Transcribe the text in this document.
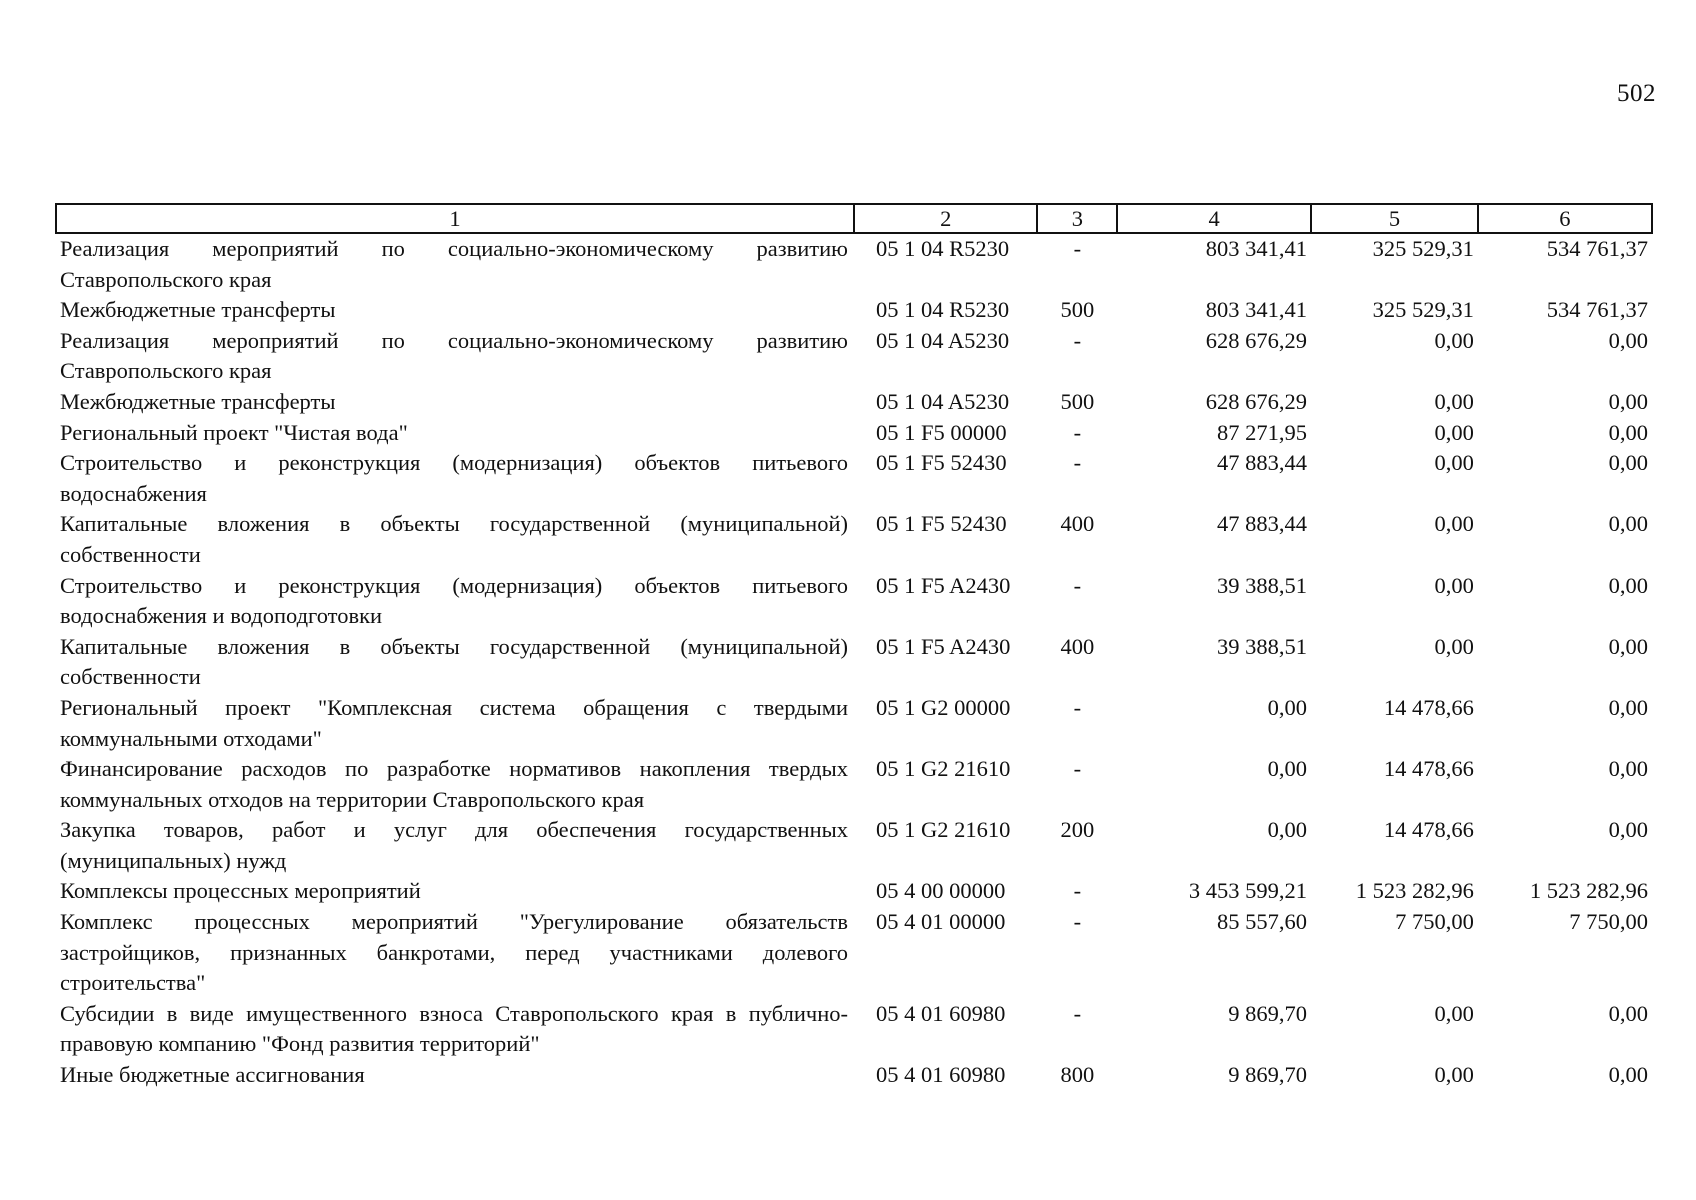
502
1	2	3	4	5	6
Реализация мероприятий по социально-экономическому развитию Ставропольского края	05 1 04 R5230	-	803 341,41	325 529,31	534 761,37
Межбюджетные трансферты	05 1 04 R5230	500	803 341,41	325 529,31	534 761,37
Реализация мероприятий по социально-экономическому развитию Ставропольского края	05 1 04 A5230	-	628 676,29	0,00	0,00
Межбюджетные трансферты	05 1 04 A5230	500	628 676,29	0,00	0,00
Региональный проект "Чистая вода"	05 1 F5 00000	-	87 271,95	0,00	0,00
Строительство и реконструкция (модернизация) объектов питьевого водоснабжения	05 1 F5 52430	-	47 883,44	0,00	0,00
Капитальные вложения в объекты государственной (муниципальной) собственности	05 1 F5 52430	400	47 883,44	0,00	0,00
Строительство и реконструкция (модернизация) объектов питьевого водоснабжения и водоподготовки	05 1 F5 A2430	-	39 388,51	0,00	0,00
Капитальные вложения в объекты государственной (муниципальной) собственности	05 1 F5 A2430	400	39 388,51	0,00	0,00
Региональный проект "Комплексная система обращения с твердыми коммунальными отходами"	05 1 G2 00000	-	0,00	14 478,66	0,00
Финансирование расходов по разработке нормативов накопления твердых коммунальных отходов на территории Ставропольского края	05 1 G2 21610	-	0,00	14 478,66	0,00
Закупка товаров, работ и услуг для обеспечения государственных (муниципальных) нужд	05 1 G2 21610	200	0,00	14 478,66	0,00
Комплексы процессных мероприятий	05 4 00 00000	-	3 453 599,21	1 523 282,96	1 523 282,96
Комплекс процессных мероприятий "Урегулирование обязательств застройщиков, признанных банкротами, перед участниками долевого строительства"	05 4 01 00000	-	85 557,60	7 750,00	7 750,00
Субсидии в виде имущественного взноса Ставропольского края в публично-правовую компанию "Фонд развития территорий"	05 4 01 60980	-	9 869,70	0,00	0,00
Иные бюджетные ассигнования	05 4 01 60980	800	9 869,70	0,00	0,00
